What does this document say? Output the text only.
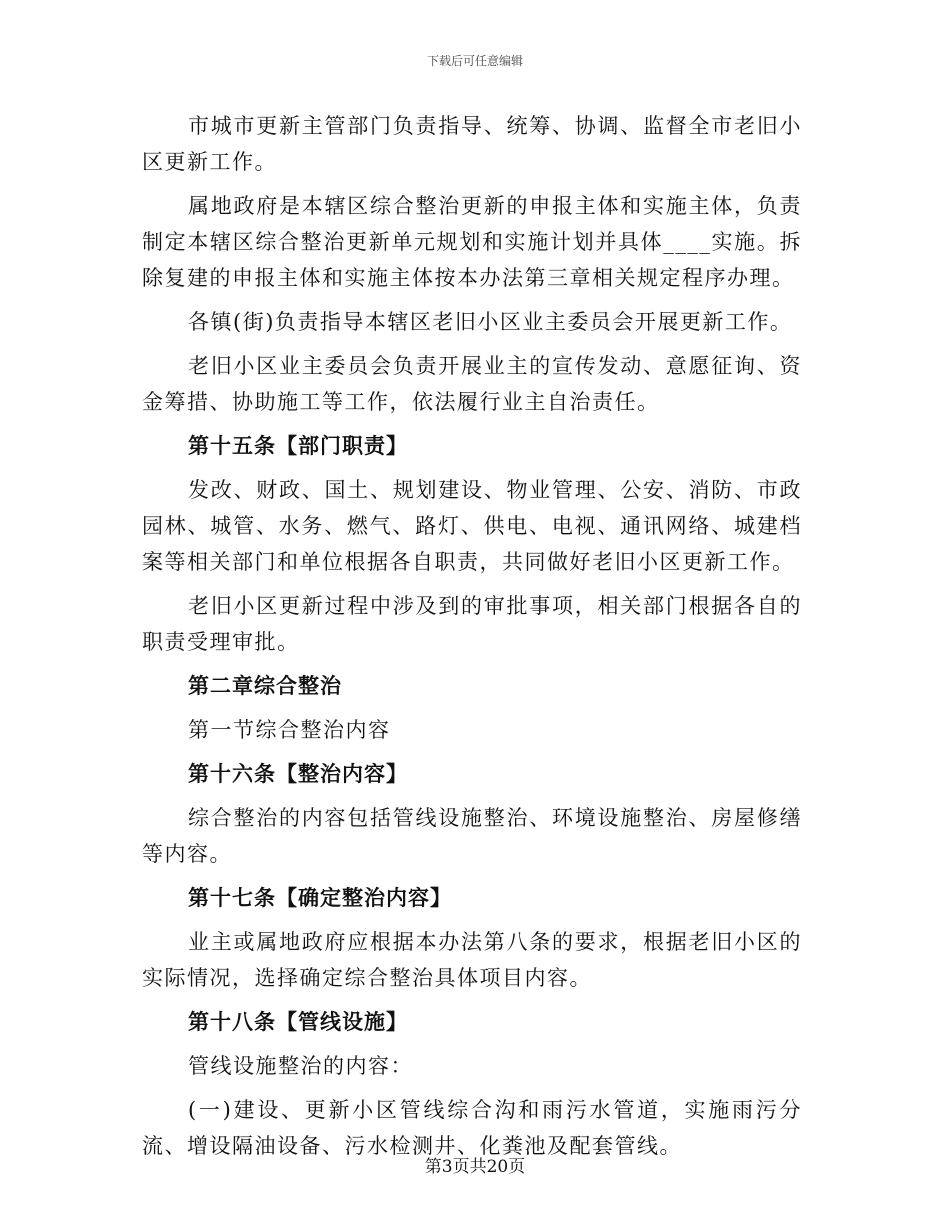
下载后可任意编辑

市城市更新主管部门负责指导、统筹、协调、监督全市老旧小区更新工作。

属地政府是本辖区综合整治更新的申报主体和实施主体，负责制定本辖区综合整治更新单元规划和实施计划并具体____实施。拆除复建的申报主体和实施主体按本办法第三章相关规定程序办理。

各镇(街)负责指导本辖区老旧小区业主委员会开展更新工作。

老旧小区业主委员会负责开展业主的宣传发动、意愿征询、资金筹措、协助施工等工作，依法履行业主自治责任。

第十五条【部门职责】

发改、财政、国土、规划建设、物业管理、公安、消防、市政园林、城管、水务、燃气、路灯、供电、电视、通讯网络、城建档案等相关部门和单位根据各自职责，共同做好老旧小区更新工作。

老旧小区更新过程中涉及到的审批事项，相关部门根据各自的职责受理审批。

第二章综合整治

第一节综合整治内容

第十六条【整治内容】

综合整治的内容包括管线设施整治、环境设施整治、房屋修缮等内容。

第十七条【确定整治内容】

业主或属地政府应根据本办法第八条的要求，根据老旧小区的实际情况，选择确定综合整治具体项目内容。

第十八条【管线设施】

管线设施整治的内容：

(一)建设、更新小区管线综合沟和雨污水管道，实施雨污分流、增设隔油设备、污水检测井、化粪池及配套管线。

第3页共20页
